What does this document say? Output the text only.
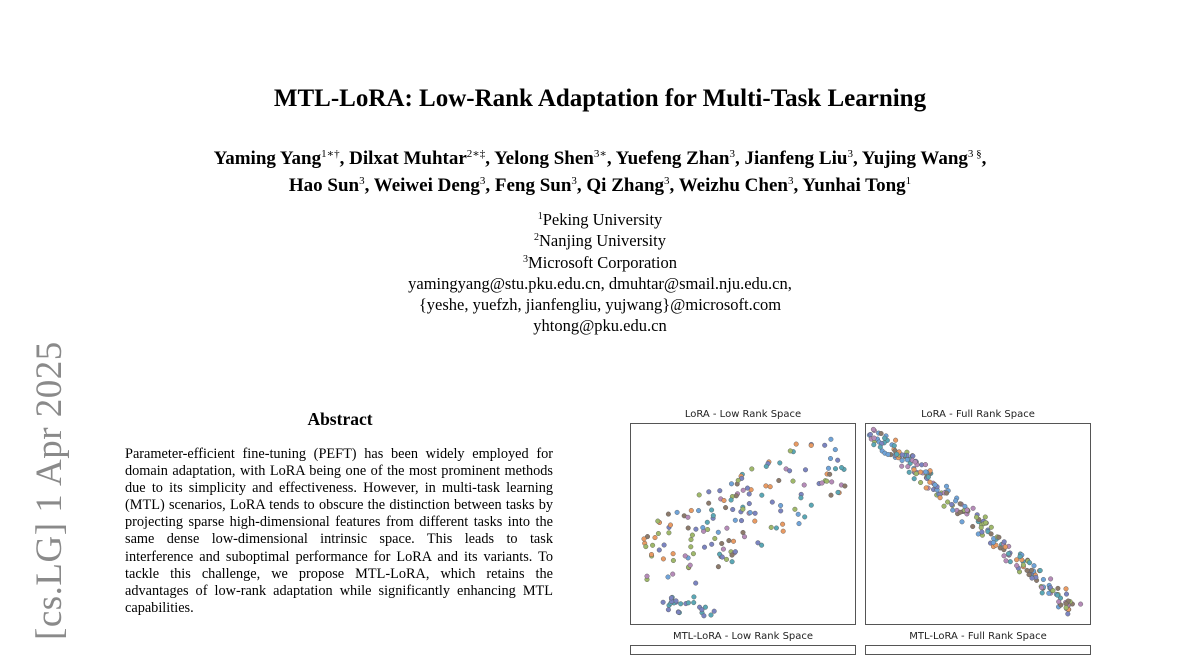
[cs.LG] 1 Apr 2025
MTL-LoRA: Low-Rank Adaptation for Multi-Task Learning
Yaming Yang$^{1∗\dagger}$, Dilxat Muhtar$^{2∗\ddagger}$, Yelong Shen$^{3∗}$, Yuefeng Zhan$^3$, Jianfeng Liu$^3$, Yujing Wang$^{3 \S}$,
Hao Sun$^3$, Weiwei Deng$^3$, Feng Sun$^3$, Qi Zhang$^3$, Weizhu Chen$^3$, Yunhai Tong$^1$
$^1$Peking University
$^2$Nanjing University
$^3$Microsoft Corporation
yamingyang@stu.pku.edu.cn, dmuhtar@smail.nju.edu.cn,
{yeshe, yuefzh, jianfengliu, yujwang}@microsoft.com
yhtong@pku.edu.cn
Abstract
Parameter-efficient fine-tuning (PEFT) has been widely employed for domain adaptation, with LoRA being one of the most prominent methods due to its simplicity and effectiveness. However, in multi-task learning (MTL) scenarios, LoRA tends to obscure the distinction between tasks by projecting sparse high-dimensional features from different tasks into the same dense low-dimensional intrinsic space. This leads to task interference and suboptimal performance for LoRA and its variants. To tackle this challenge, we propose MTL-LoRA, which retains the advantages of low-rank adaptation while significantly enhancing MTL capabilities.
LoRA - Low Rank Space	LoRA - Full Rank Space
MTL-LoRA - Low Rank Space	MTL-LoRA - Full Rank Space
